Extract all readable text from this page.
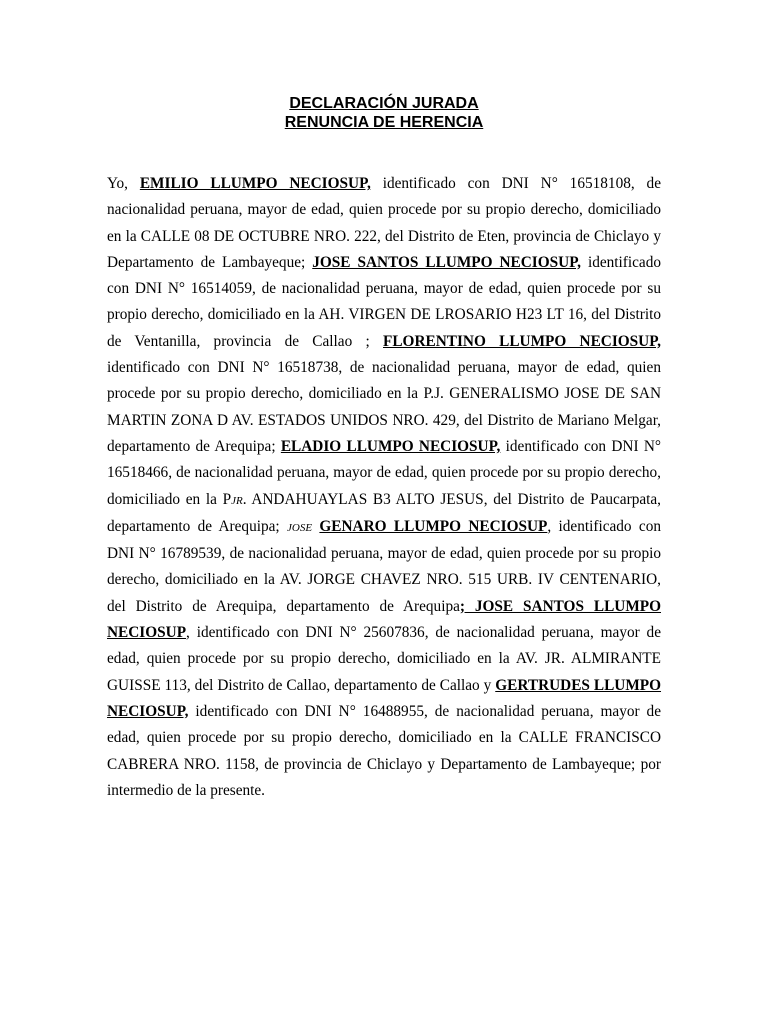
DECLARACIÓN JURADA
RENUNCIA DE HERENCIA

Yo, EMILIO LLUMPO NECIOSUP, identificado con DNI N° 16518108, de nacionalidad peruana, mayor de edad, quien procede por su propio derecho, domiciliado en la CALLE 08 DE OCTUBRE NRO. 222, del Distrito de Eten, provincia de Chiclayo y Departamento de Lambayeque; JOSE SANTOS LLUMPO NECIOSUP, identificado con DNI N° 16514059, de nacionalidad peruana, mayor de edad, quien procede por su propio derecho, domiciliado en la AH. VIRGEN DE LROSARIO H23 LT 16, del Distrito de Ventanilla, provincia de Callao ; FLORENTINO LLUMPO NECIOSUP, identificado con DNI N° 16518738, de nacionalidad peruana, mayor de edad, quien procede por su propio derecho, domiciliado en la P.J. GENERALISMO JOSE DE SAN MARTIN ZONA D AV. ESTADOS UNIDOS NRO. 429, del Distrito de Mariano Melgar, departamento de Arequipa; ELADIO LLUMPO NECIOSUP, identificado con DNI N° 16518466, de nacionalidad peruana, mayor de edad, quien procede por su propio derecho, domiciliado en la PJR. ANDAHUAYLAS B3 ALTO JESUS, del Distrito de Paucarpata, departamento de Arequipa; JOSE GENARO LLUMPO NECIOSUP, identificado con DNI N° 16789539, de nacionalidad peruana, mayor de edad, quien procede por su propio derecho, domiciliado en la AV. JORGE CHAVEZ NRO. 515 URB. IV CENTENARIO, del Distrito de Arequipa, departamento de Arequipa; JOSE SANTOS LLUMPO NECIOSUP, identificado con DNI N° 25607836, de nacionalidad peruana, mayor de edad, quien procede por su propio derecho, domiciliado en la AV. JR. ALMIRANTE GUISSE 113, del Distrito de Callao, departamento de Callao y GERTRUDES LLUMPO NECIOSUP, identificado con DNI N° 16488955, de nacionalidad peruana, mayor de edad, quien procede por su propio derecho, domiciliado en la CALLE FRANCISCO CABRERA NRO. 1158, de provincia de Chiclayo y Departamento de Lambayeque; por intermedio de la presente.
